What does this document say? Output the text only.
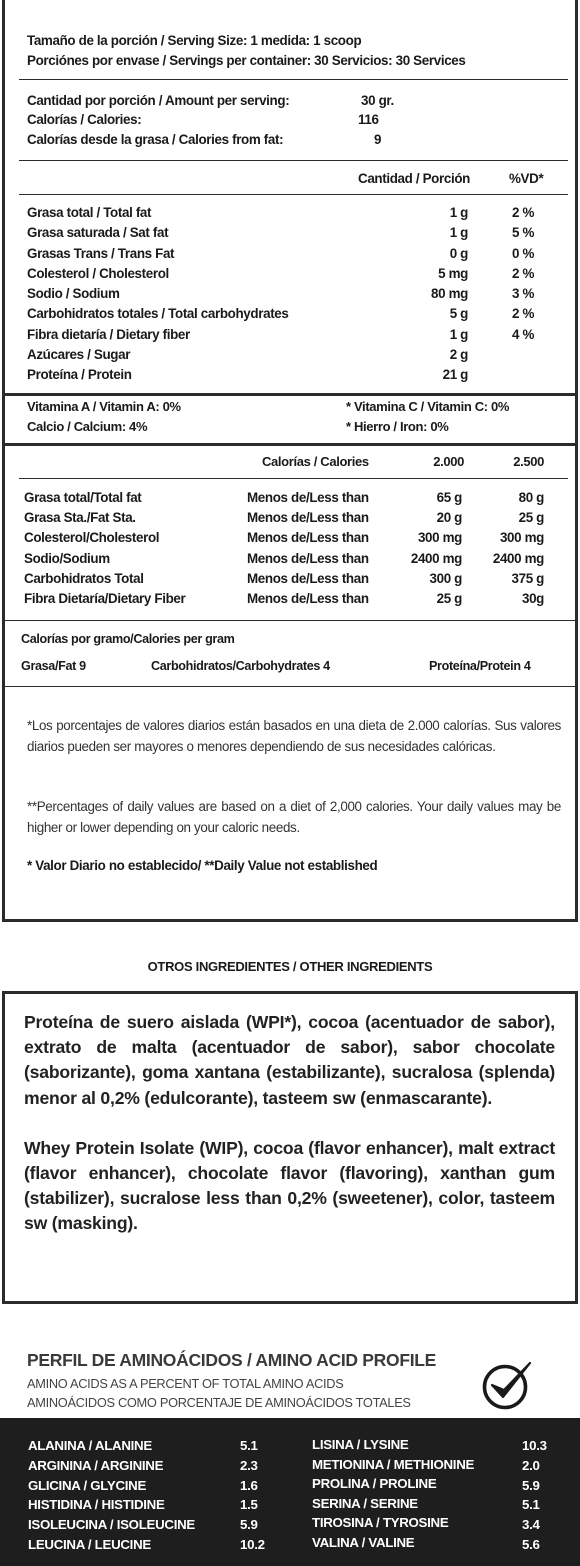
Tamaño de la porción / Serving Size: 1 medida: 1 scoop
Porciónes por envase / Servings per container: 30 Servicios: 30 Services
Cantidad por porción / Amount per serving:	30 gr.
Calorías / Calories:	116
Calorías desde la grasa / Calories from fat:	9
Cantidad / Porción	%VD*
Grasa total / Total fat	1 g	2 %
Grasa saturada / Sat fat	1 g	5 %
Grasas Trans / Trans Fat	0 g	0 %
Colesterol / Cholesterol	5 mg	2 %
Sodio / Sodium	80 mg	3 %
Carbohidratos totales / Total carbohydrates	5 g	2 %
Fibra dietaría / Dietary fiber	1 g	4 %
Azúcares / Sugar	2 g
Proteína / Protein	21 g
Vitamina A / Vitamin A: 0%	* Vitamina C / Vitamin C: 0%
Calcio / Calcium: 4%	* Hierro / Iron: 0%
Calorías / Calories	2.000	2.500
Grasa total/Total fat	Menos de/Less than	65 g	80 g
Grasa Sta./Fat Sta.	Menos de/Less than	20 g	25 g
Colesterol/Cholesterol	Menos de/Less than	300 mg	300 mg
Sodio/Sodium	Menos de/Less than	2400 mg	2400 mg
Carbohidratos Total	Menos de/Less than	300 g	375 g
Fibra Dietaría/Dietary Fiber	Menos de/Less than	25 g	30g
Calorías por gramo/Calories per gram
Grasa/Fat 9	Carbohidratos/Carbohydrates 4	Proteína/Protein 4
*Los porcentajes de valores diarios están basados en una dieta de 2.000 calorías. Sus valores diarios pueden ser mayores o menores dependiendo de sus necesidades calóricas.
**Percentages of daily values are based on a diet of 2,000 calories. Your daily values may be higher or lower depending on your caloric needs.
* Valor Diario no establecido/ **Daily Value not established
OTROS INGREDIENTES / OTHER INGREDIENTS

Proteína de suero aislada (WPI*), cocoa (acentuador de sabor), extrato de malta (acentuador de sabor), sabor chocolate (saborizante), goma xantana (estabilizante), sucralosa (splenda) menor al 0,2% (edulcorante), tasteem sw (enmascarante).

Whey Protein Isolate (WIP), cocoa (flavor enhancer), malt extract (flavor enhancer), chocolate flavor (flavoring), xanthan gum (stabilizer), sucralose less than 0,2% (sweetener), color, tasteem sw (masking).

PERFIL DE AMINOÁCIDOS / AMINO ACID PROFILE
AMINO ACIDS AS A PERCENT OF TOTAL AMINO ACIDS
AMINOÁCIDOS COMO PORCENTAJE DE AMINOÁCIDOS TOTALES
ALANINA / ALANINE	5.1
ARGININA / ARGININE	2.3
GLICINA / GLYCINE	1.6
HISTIDINA / HISTIDINE	1.5
ISOLEUCINA / ISOLEUCINE	5.9
LEUCINA / LEUCINE	10.2
LISINA / LYSINE	10.3
METIONINA / METHIONINE	2.0
PROLINA / PROLINE	5.9
SERINA / SERINE	5.1
TIROSINA / TYROSINE	3.4
VALINA / VALINE	5.6
